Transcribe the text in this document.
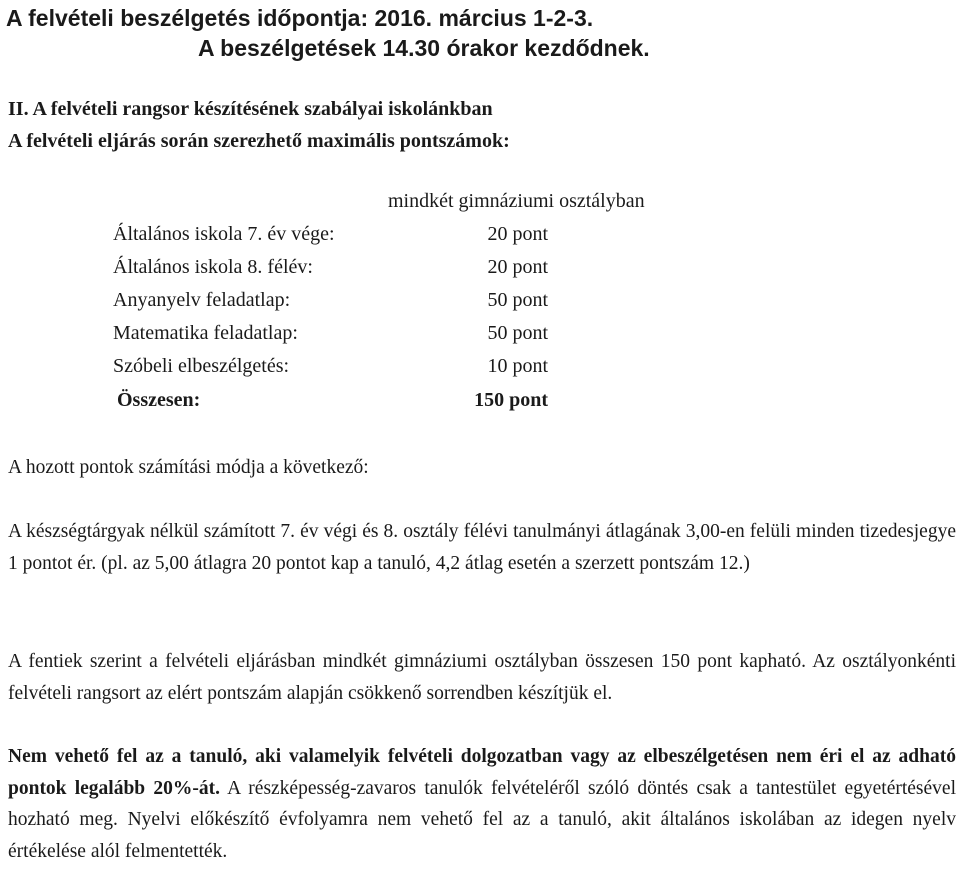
A felvételi beszélgetés időpontja: 2016. március 1-2-3.
A beszélgetések 14.30 órakor kezdődnek.
II. A felvételi rangsor készítésének szabályai iskolánkban
A felvételi eljárás során szerezhető maximális pontszámok:
mindkét gimnáziumi osztályban
Általános iskola 7. év vége:	20 pont
Általános iskola 8. félév:	20 pont
Anyanyelv feladatlap:	50 pont
Matematika feladatlap:	50 pont
Szóbeli elbeszélgetés:	10 pont
Összesen:	150 pont

A hozott pontok számítási módja a következő:

A készségtárgyak nélkül számított 7. év végi és 8. osztály félévi tanulmányi átlagának 3,00-en felüli minden tizedesjegye 1 pontot ér. (pl. az 5,00 átlagra 20 pontot kap a tanuló, 4,2 átlag esetén a szerzett pontszám 12.)

A fentiek szerint a felvételi eljárásban mindkét gimnáziumi osztályban összesen 150 pont kapható. Az osztályonkénti felvételi rangsort az elért pontszám alapján csökkenő sorrendben készítjük el.

Nem vehető fel az a tanuló, aki valamelyik felvételi dolgozatban vagy az elbeszélgetésen nem éri el az adható pontok legalább 20%-át. A részképesség-zavaros tanulók felvételéről szóló döntés csak a tantestület egyetértésével hozható meg. Nyelvi előkészítő évfolyamra nem vehető fel az a tanuló, akit általános iskolában az idegen nyelv értékelése alól felmentették.
